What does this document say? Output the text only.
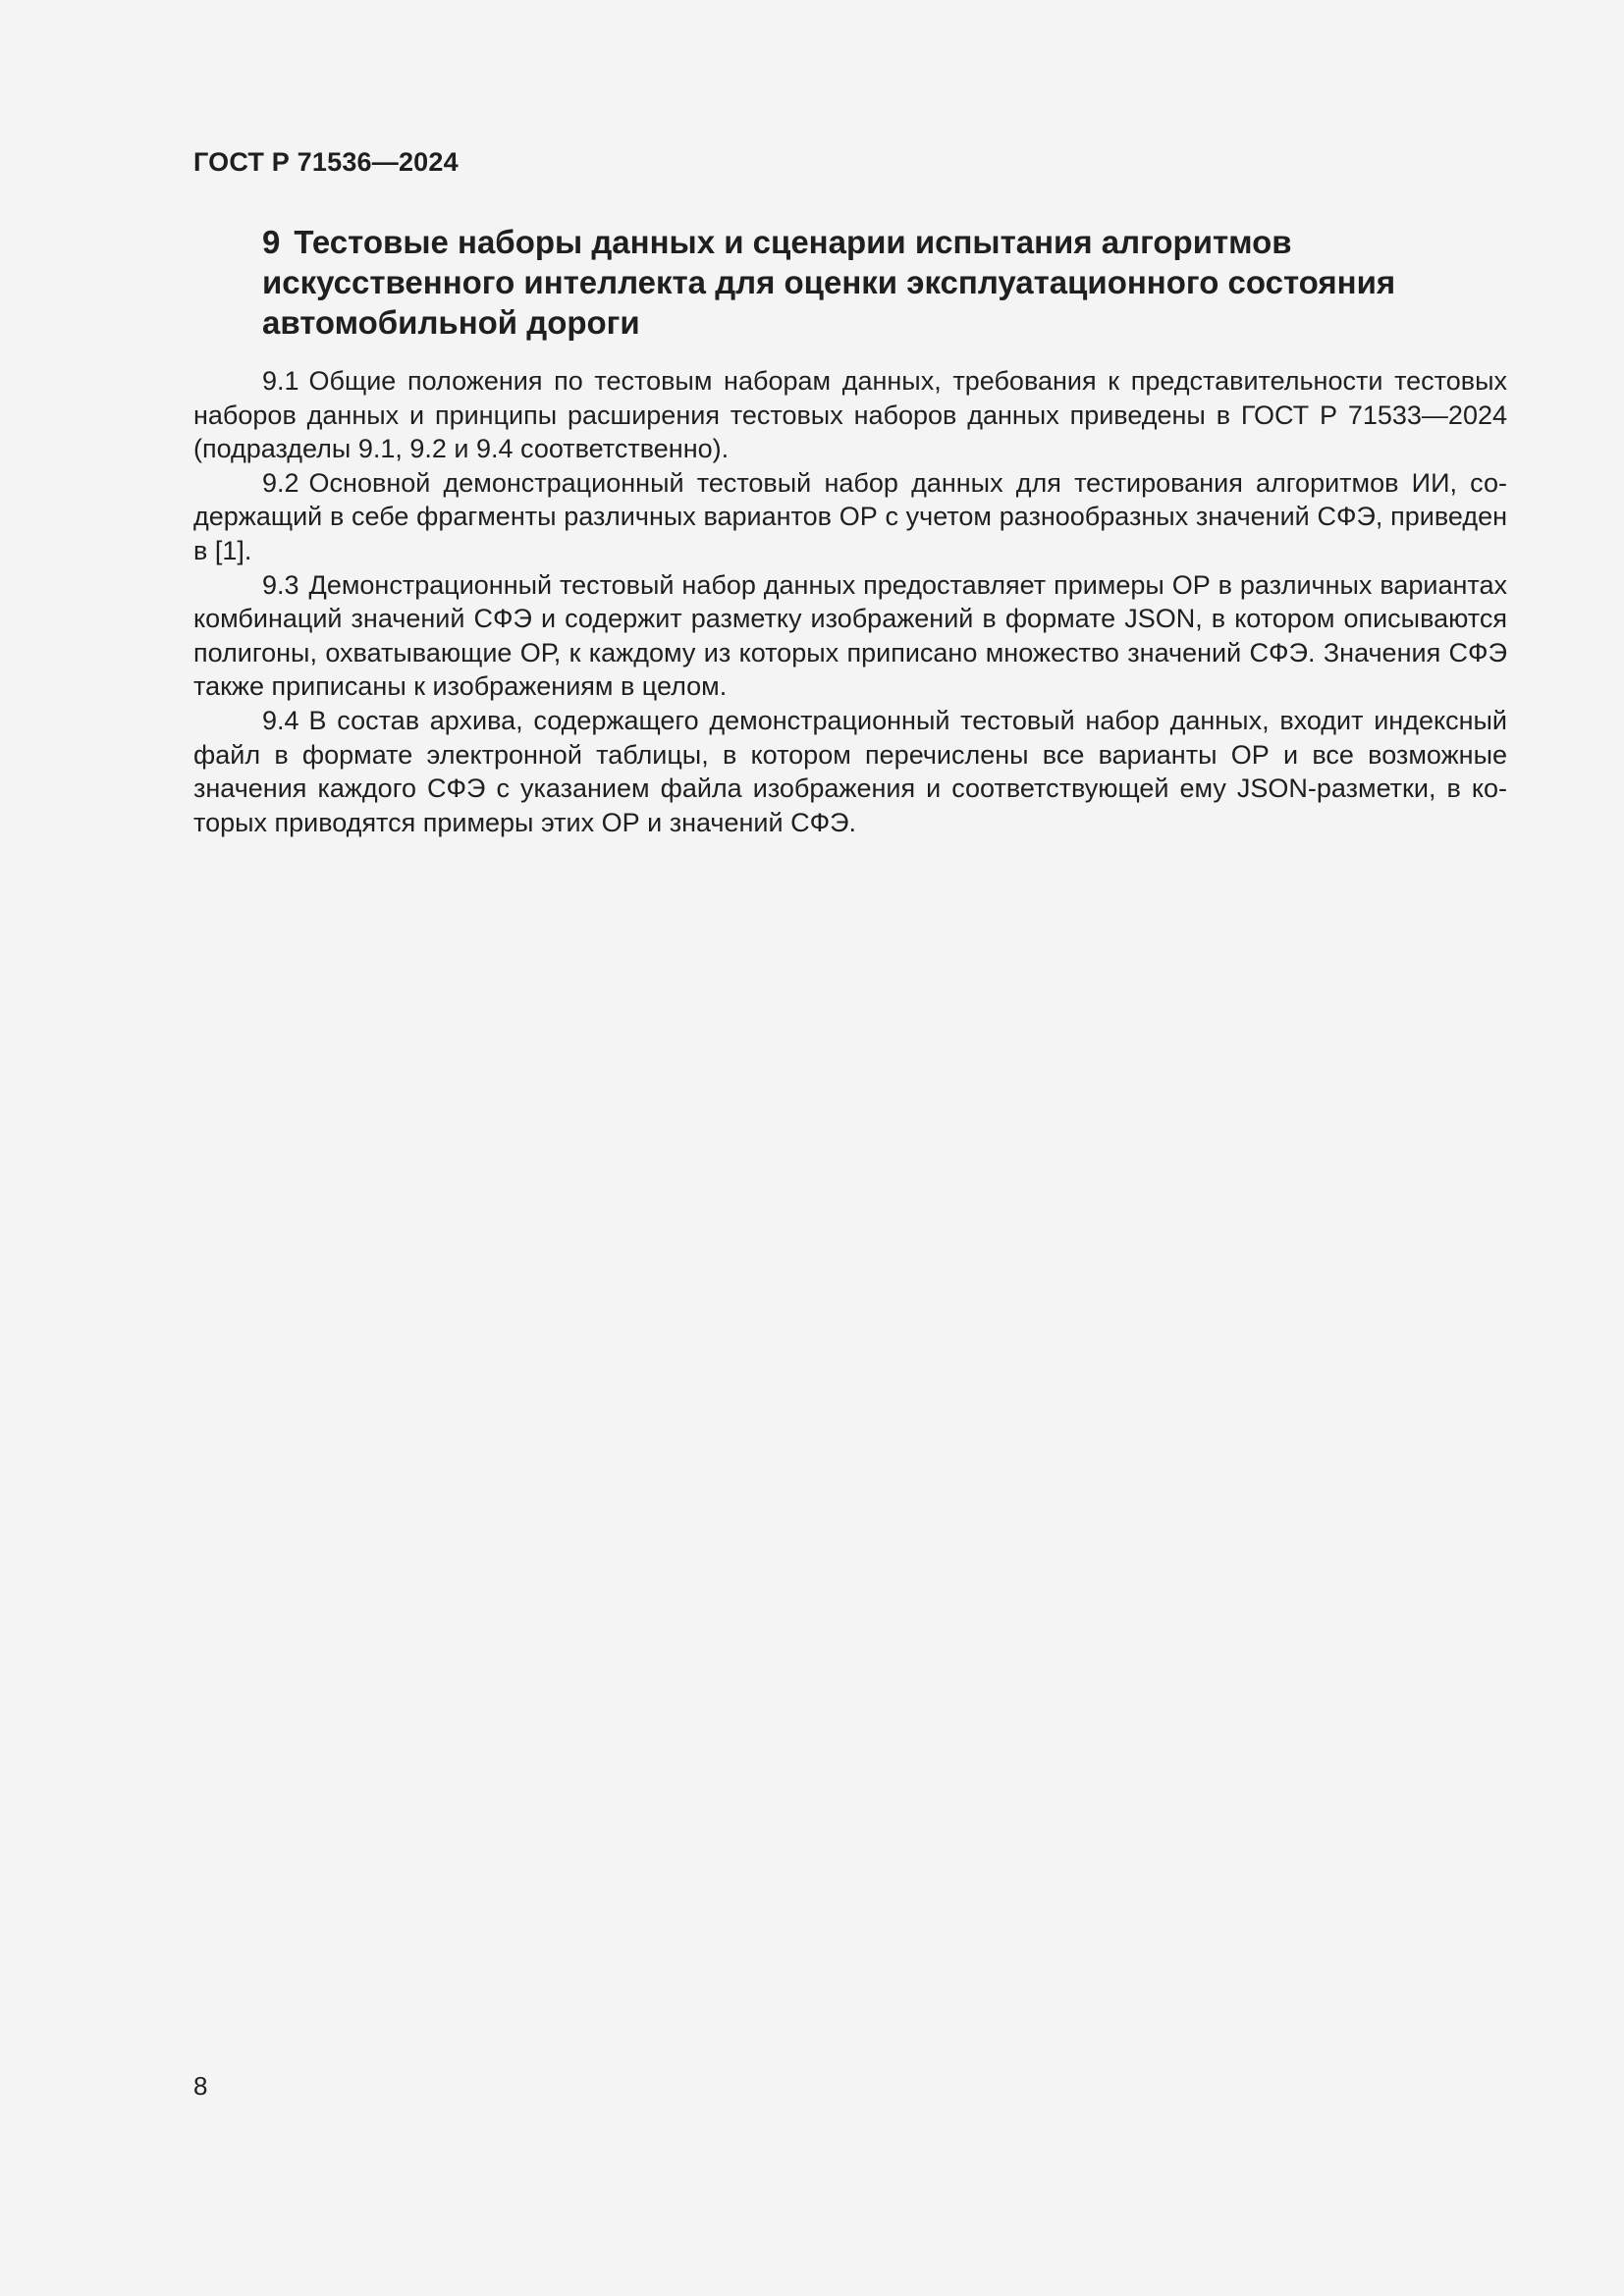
ГОСТ Р 71536—2024
9 Тестовые наборы данных и сценарии испытания алгоритмов искусственного интеллекта для оценки эксплуатационного состояния автомобильной дороги

9.1 Общие положения по тестовым наборам данных, требования к представительности тестовых наборов данных и принципы расширения тестовых наборов данных приведены в ГОСТ Р 71533—2024 (подразделы 9.1, 9.2 и 9.4 соответственно).

9.2 Основной демонстрационный тестовый набор данных для тестирования алгоритмов ИИ, содержащий в себе фрагменты различных вариантов ОР с учетом разнообразных значений СФЭ, приведен в [1].

9.3 Демонстрационный тестовый набор данных предоставляет примеры ОР в различных вариантах комбинаций значений СФЭ и содержит разметку изображений в формате JSON, в котором описываются полигоны, охватывающие ОР, к каждому из которых приписано множество значений СФЭ. Значения СФЭ также приписаны к изображениям в целом.

9.4 В состав архива, содержащего демонстрационный тестовый набор данных, входит индексный файл в формате электронной таблицы, в котором перечислены все варианты ОР и все возможные значения каждого СФЭ с указанием файла изображения и соответствующей ему JSON-разметки, в которых приводятся примеры этих ОР и значений СФЭ.

8
